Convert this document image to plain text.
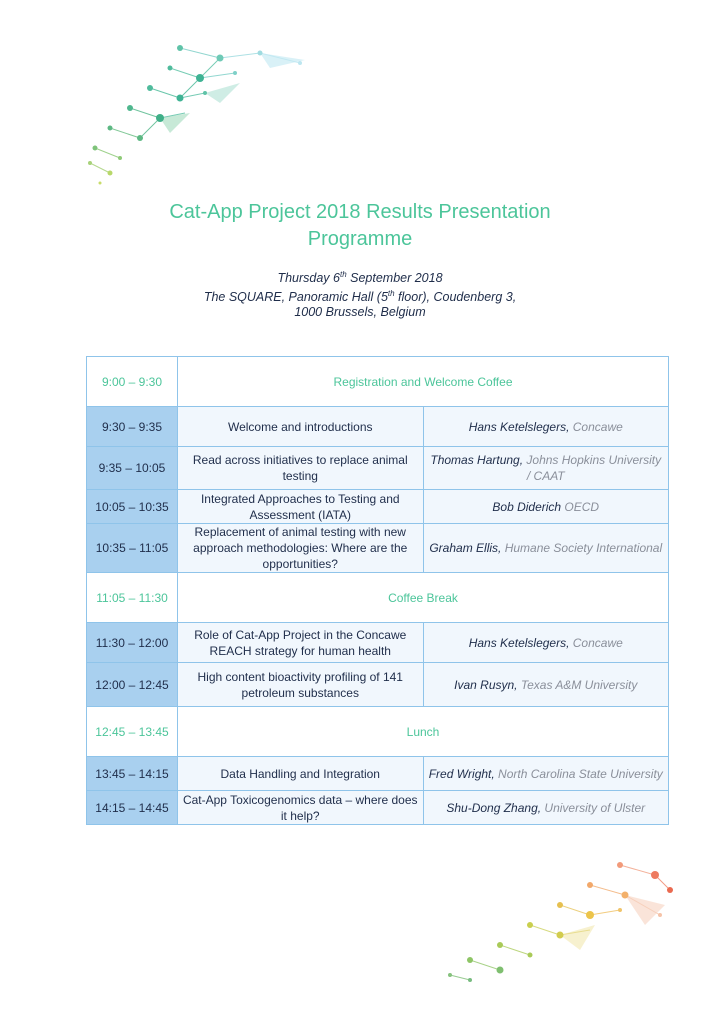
Cat-App Project 2018 Results Presentation
Programme
Thursday 6th September 2018
The SQUARE, Panoramic Hall (5th floor), Coudenberg 3,
1000 Brussels, Belgium
9:00 – 9:30	Registration and Welcome Coffee	
9:30 – 9:35	Welcome and introductions	Hans Ketelslegers, Concawe
9:35 – 10:05	Read across initiatives to replace animal testing	Thomas Hartung, Johns Hopkins University / CAAT
10:05 – 10:35	Integrated Approaches to Testing and Assessment (IATA)	Bob Diderich OECD
10:35 – 11:05	Replacement of animal testing with new approach methodologies: Where are the opportunities?	Graham Ellis, Humane Society International
11:05 – 11:30	Coffee Break	
11:30 – 12:00	Role of Cat-App Project in the Concawe REACH strategy for human health	Hans Ketelslegers, Concawe
12:00 – 12:45	High content bioactivity profiling of 141 petroleum substances	Ivan Rusyn, Texas A&M University
12:45 – 13:45	Lunch	
13:45 – 14:15	Data Handling and Integration	Fred Wright, North Carolina State University
14:15 – 14:45	Cat-App Toxicogenomics data – where does it help?	Shu-Dong Zhang, University of Ulster
